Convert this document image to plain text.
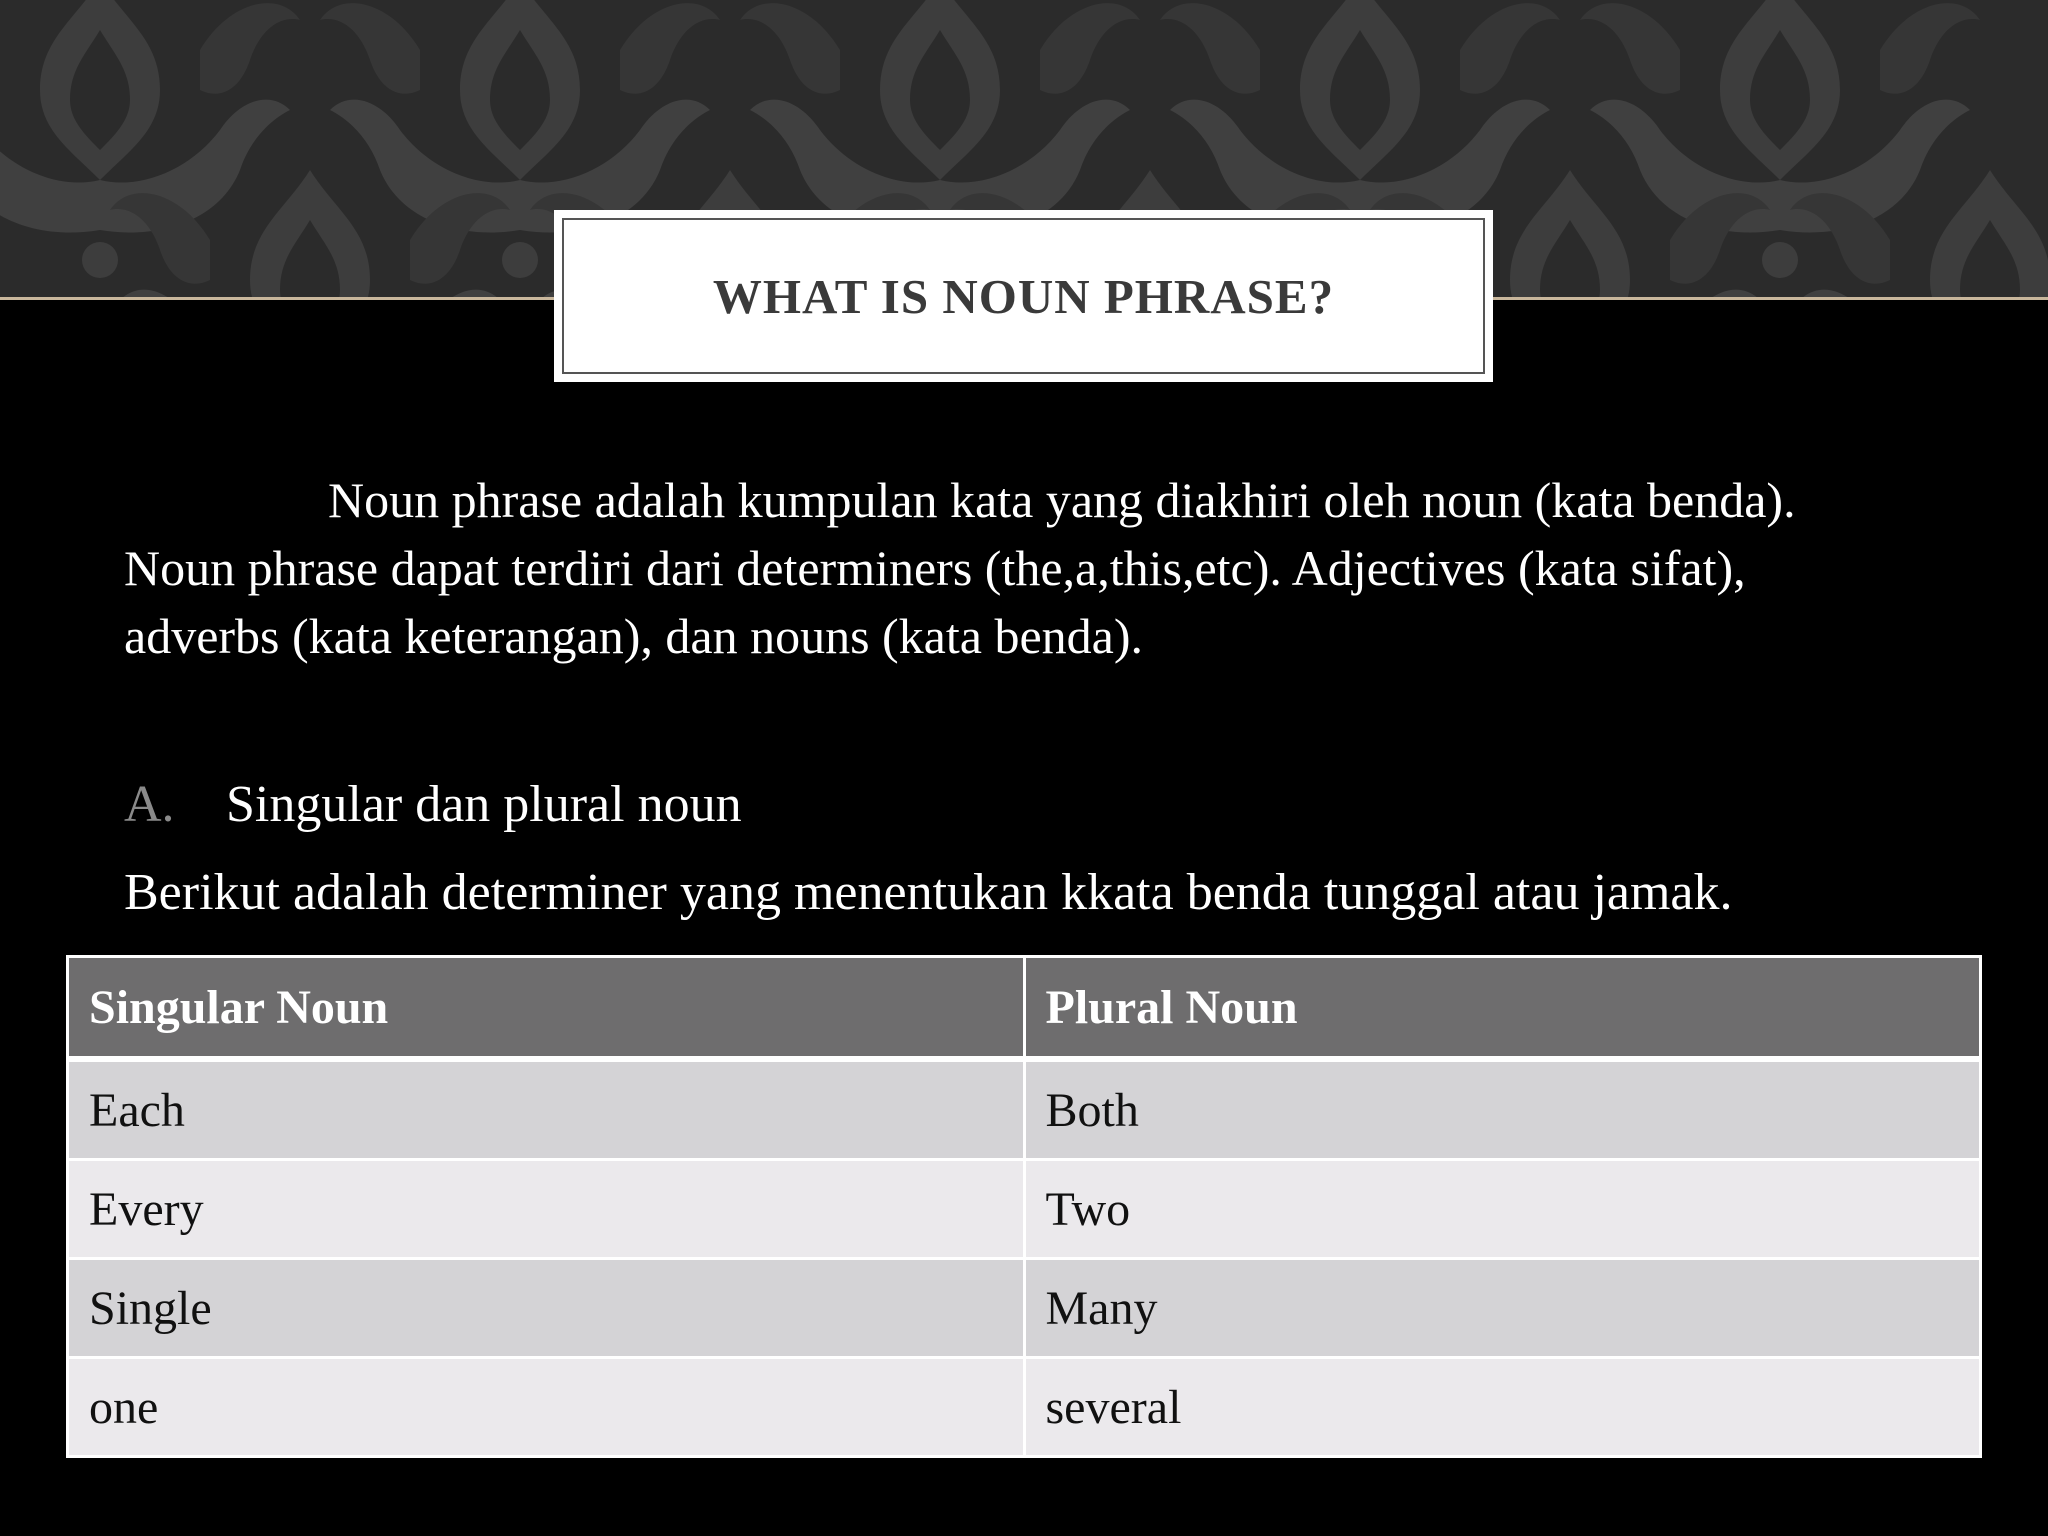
WHAT IS NOUN PHRASE?

Noun phrase adalah kumpulan kata yang diakhiri oleh noun (kata benda). Noun phrase dapat terdiri dari determiners (the,a,this,etc). Adjectives (kata sifat), adverbs (kata keterangan), dan nouns (kata benda).

A. Singular dan plural noun
Berikut adalah determiner yang menentukan kkata benda tunggal atau jamak.
Singular Noun	Plural Noun
Each	Both
Every	Two
Single	Many
one	several
